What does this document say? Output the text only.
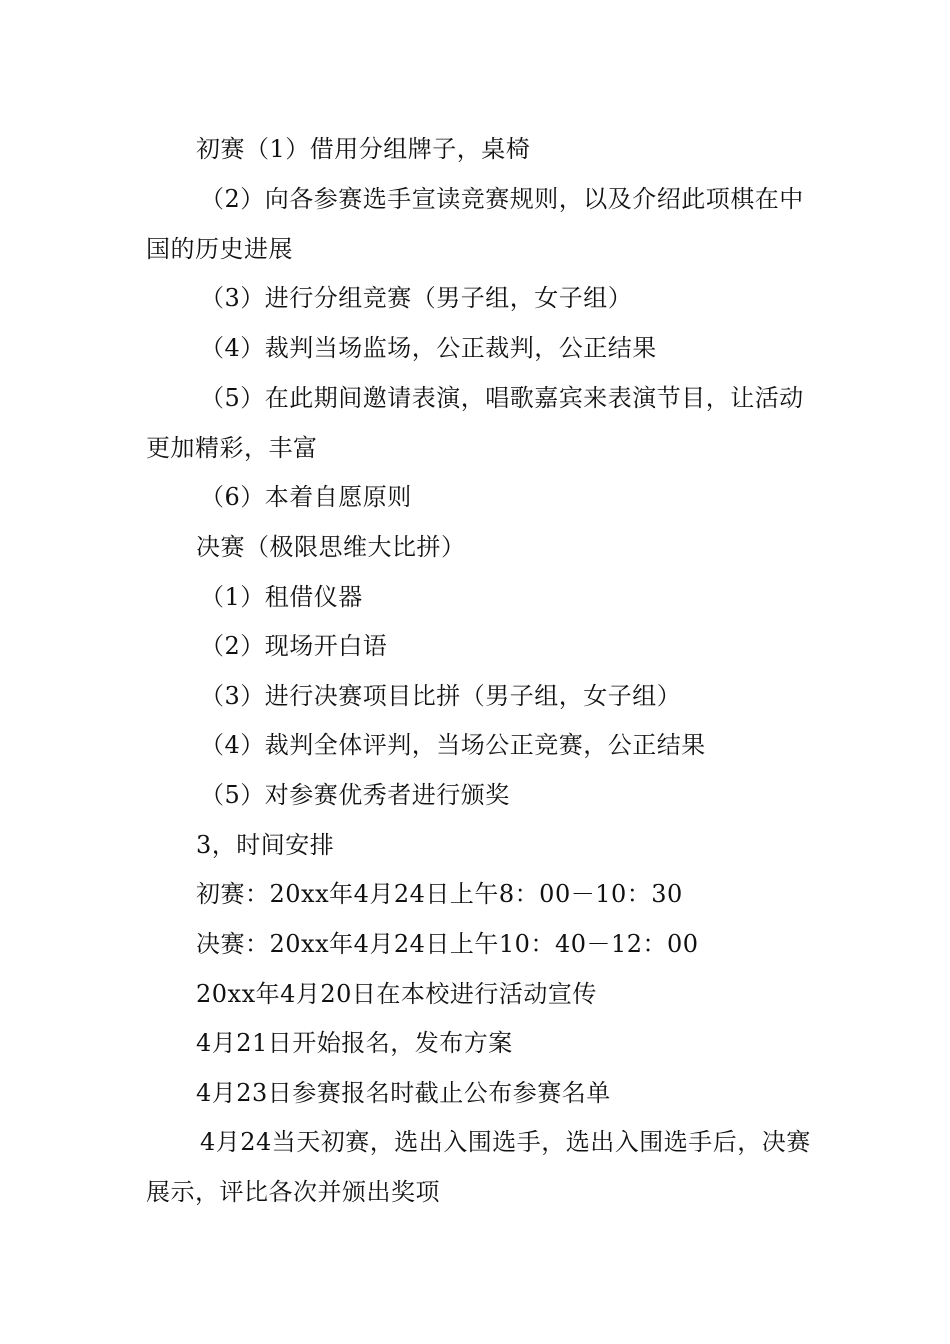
初赛（1）借用分组牌子，桌椅

（2）向各参赛选手宣读竞赛规则，以及介绍此项棋在中国的历史进展

（3）进行分组竞赛（男子组，女子组）

（4）裁判当场监场，公正裁判，公正结果

（5）在此期间邀请表演，唱歌嘉宾来表演节目，让活动更加精彩，丰富

（6）本着自愿原则

决赛（极限思维大比拼）

（1）租借仪器

（2）现场开白语

（3）进行决赛项目比拼（男子组，女子组）

（4）裁判全体评判，当场公正竞赛，公正结果

（5）对参赛优秀者进行颁奖

3，时间安排

初赛：20xx年4月24日上午8：00－10：30

决赛：20xx年4月24日上午10：40－12：00

20xx年4月20日在本校进行活动宣传

4月21日开始报名，发布方案

4月23日参赛报名时截止公布参赛名单

4月24当天初赛，选出入围选手，选出入围选手后，决赛展示，评比各次并颁出奖项
